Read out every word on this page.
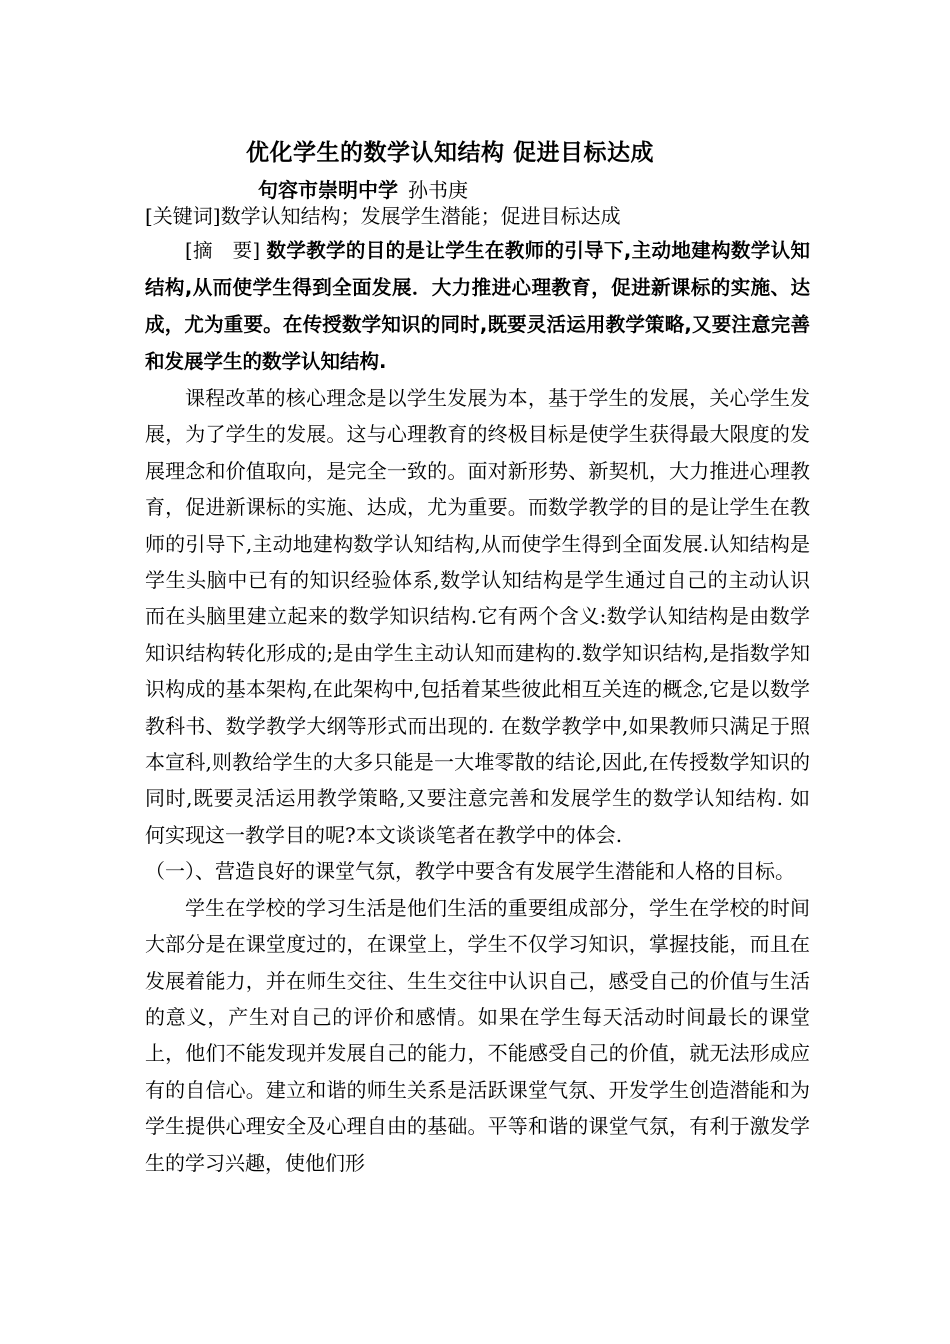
优化学生的数学认知结构 促进目标达成
句容市崇明中学 孙书庚
[关键词]数学认知结构；发展学生潜能；促进目标达成

[摘　要] 数学教学的目的是让学生在教师的引导下,主动地建构数学认知结构,从而使学生得到全面发展．大力推进心理教育，促进新课标的实施、达成，尤为重要。在传授数学知识的同时,既要灵活运用教学策略,又要注意完善和发展学生的数学认知结构.

课程改革的核心理念是以学生发展为本，基于学生的发展，关心学生发展，为了学生的发展。这与心理教育的终极目标是使学生获得最大限度的发展理念和价值取向，是完全一致的。面对新形势、新契机，大力推进心理教育，促进新课标的实施、达成，尤为重要。而数学教学的目的是让学生在教师的引导下,主动地建构数学认知结构,从而使学生得到全面发展.认知结构是学生头脑中已有的知识经验体系,数学认知结构是学生通过自己的主动认识而在头脑里建立起来的数学知识结构.它有两个含义:数学认知结构是由数学知识结构转化形成的;是由学生主动认知而建构的.数学知识结构,是指数学知识构成的基本架构,在此架构中,包括着某些彼此相互关连的概念,它是以数学教科书、数学教学大纲等形式而出现的. 在数学教学中,如果教师只满足于照本宣科,则教给学生的大多只能是一大堆零散的结论,因此,在传授数学知识的同时,既要灵活运用教学策略,又要注意完善和发展学生的数学认知结构. 如何实现这一教学目的呢?本文谈谈笔者在教学中的体会.

（一）、营造良好的课堂气氛，教学中要含有发展学生潜能和人格的目标。

学生在学校的学习生活是他们生活的重要组成部分，学生在学校的时间大部分是在课堂度过的，在课堂上，学生不仅学习知识，掌握技能，而且在发展着能力，并在师生交往、生生交往中认识自己，感受自己的价值与生活的意义，产生对自己的评价和感情。如果在学生每天活动时间最长的课堂上，他们不能发现并发展自己的能力，不能感受自己的价值，就无法形成应有的自信心。建立和谐的师生关系是活跃课堂气氛、开发学生创造潜能和为学生提供心理安全及心理自由的基础。平等和谐的课堂气氛，有利于激发学生的学习兴趣，使他们形
